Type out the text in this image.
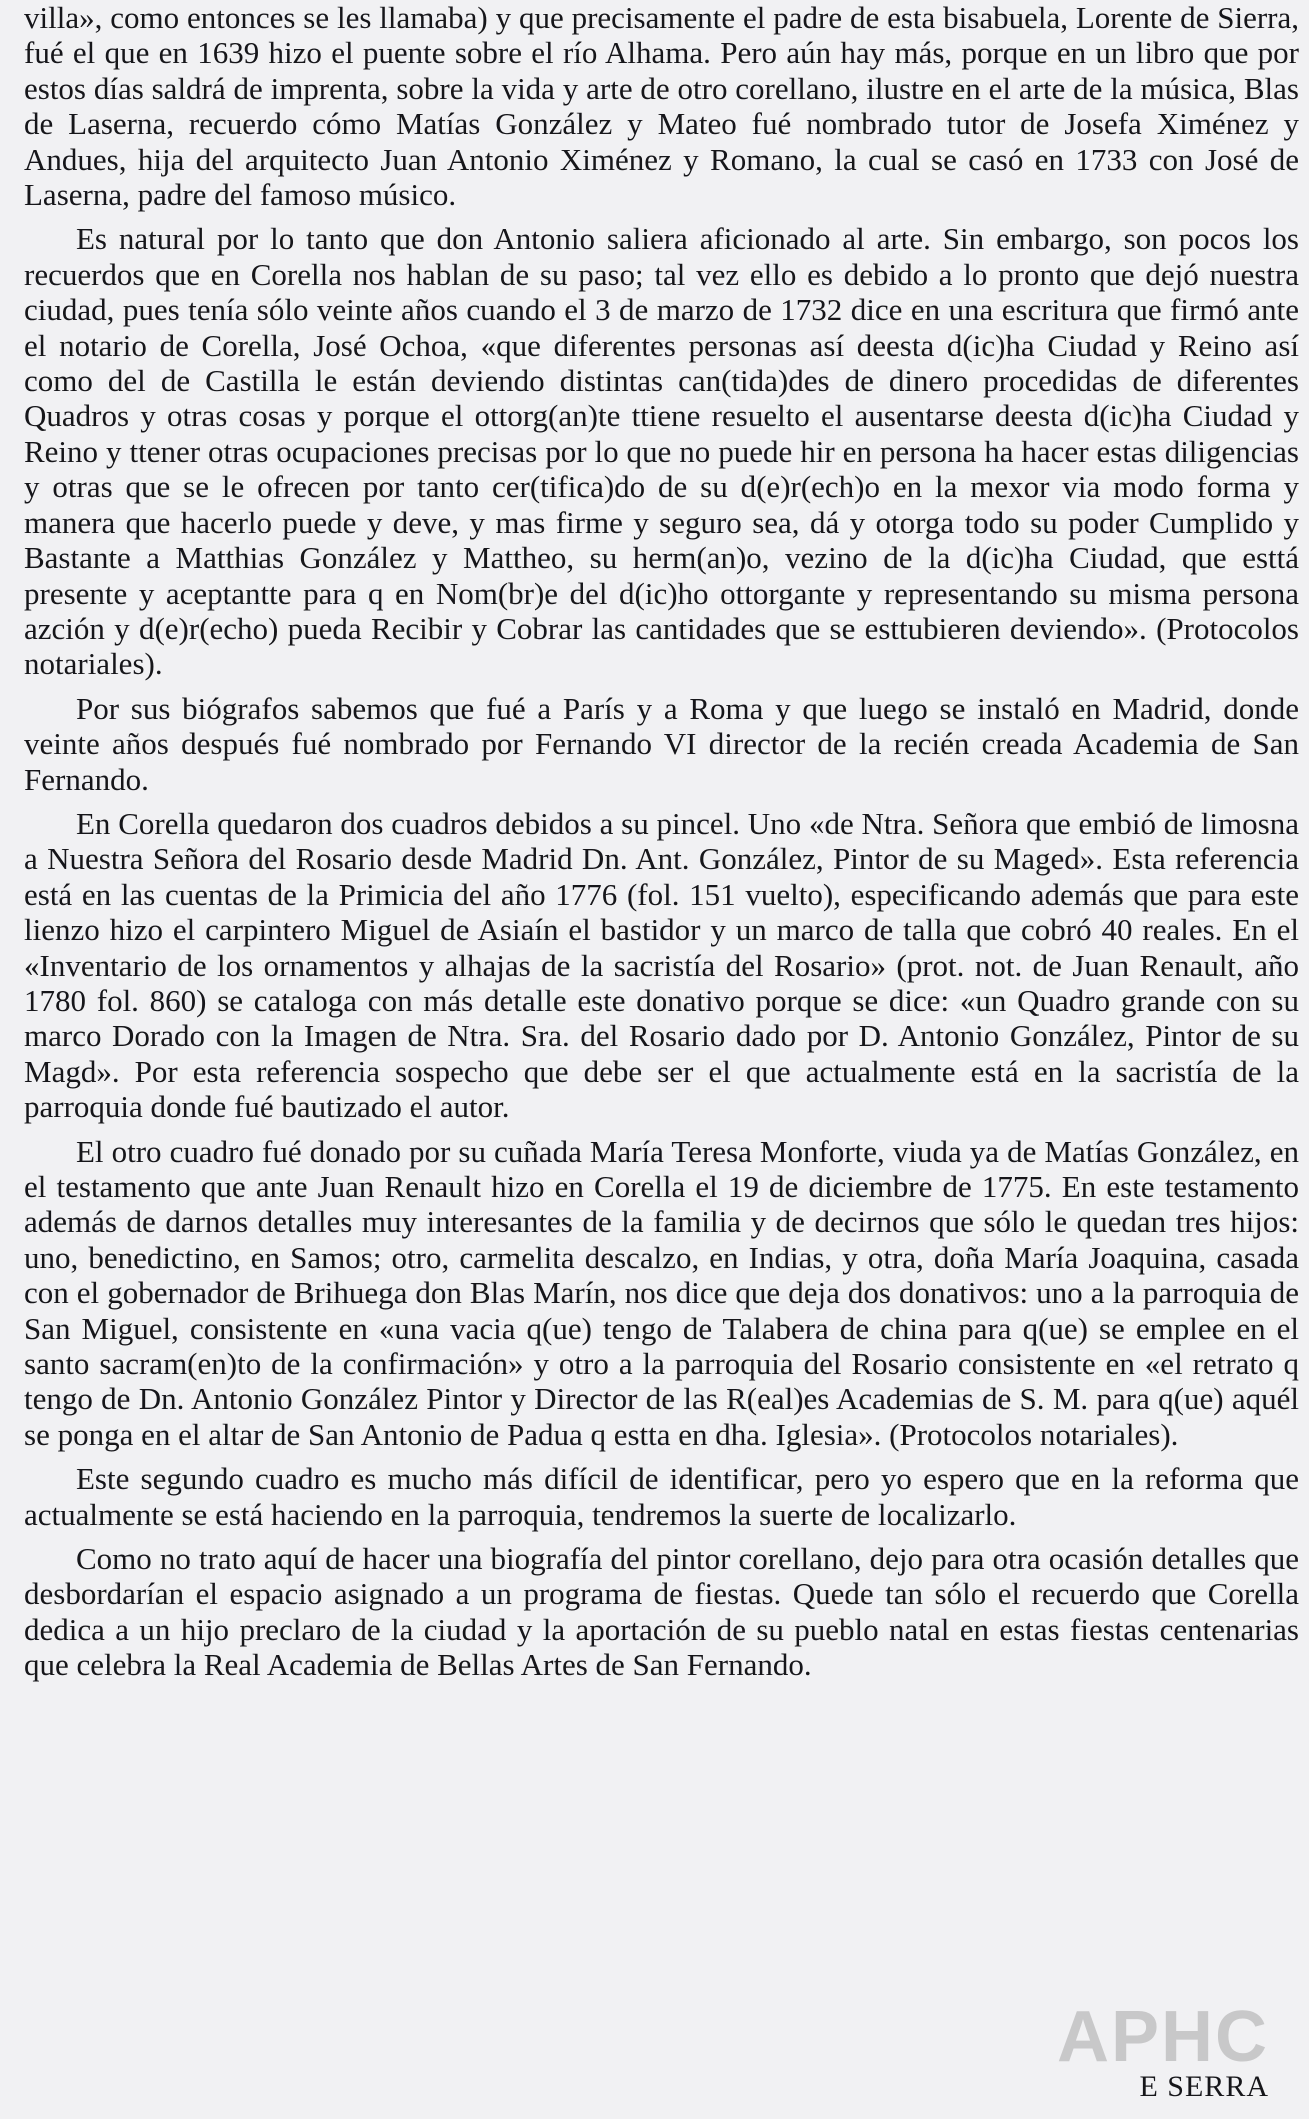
villa», como entonces se les llamaba) y que precisamente el padre de esta bisabuela, Lorente de Sierra, fué el que en 1639 hizo el puente sobre el río Alhama. Pero aún hay más, porque en un libro que por estos días saldrá de imprenta, sobre la vida y arte de otro corellano, ilustre en el arte de la música, Blas de Laserna, recuerdo cómo Matías González y Mateo fué nombrado tutor de Josefa Ximénez y Andues, hija del arquitecto Juan Antonio Ximénez y Romano, la cual se casó en 1733 con José de Laserna, padre del famoso músico.

Es natural por lo tanto que don Antonio saliera aficionado al arte. Sin embargo, son pocos los recuerdos que en Corella nos hablan de su paso; tal vez ello es debido a lo pronto que dejó nuestra ciudad, pues tenía sólo veinte años cuando el 3 de marzo de 1732 dice en una escritura que firmó ante el notario de Corella, José Ochoa, «que diferentes personas así deesta d(ic)ha Ciudad y Reino así como del de Castilla le están deviendo distintas can(tida)des de dinero procedidas de diferentes Quadros y otras cosas y porque el ottorg(an)te ttiene resuelto el ausentarse deesta d(ic)ha Ciudad y Reino y ttener otras ocupaciones precisas por lo que no puede hir en persona ha hacer estas diligencias y otras que se le ofrecen por tanto cer(tifica)do de su d(e)r(ech)o en la mexor via modo forma y manera que hacerlo puede y deve, y mas firme y seguro sea, dá y otorga todo su poder Cumplido y Bastante a Matthias González y Mattheo, su herm(an)o, vezino de la d(ic)ha Ciudad, que esttá presente y aceptantte para q en Nom(br)e del d(ic)ho ottorgante y representando su misma persona azción y d(e)r(echo) pueda Recibir y Cobrar las cantidades que se esttubieren deviendo». (Protocolos notariales).

Por sus biógrafos sabemos que fué a París y a Roma y que luego se instaló en Madrid, donde veinte años después fué nombrado por Fernando VI director de la recién creada Academia de San Fernando.

En Corella quedaron dos cuadros debidos a su pincel. Uno «de Ntra. Señora que embió de limosna a Nuestra Señora del Rosario desde Madrid Dn. Ant. González, Pintor de su Maged». Esta referencia está en las cuentas de la Primicia del año 1776 (fol. 151 vuelto), especificando además que para este lienzo hizo el carpintero Miguel de Asiaín el bastidor y un marco de talla que cobró 40 reales. En el «Inventario de los ornamentos y alhajas de la sacristía del Rosario» (prot. not. de Juan Renault, año 1780 fol. 860) se cataloga con más detalle este donativo porque se dice: «un Quadro grande con su marco Dorado con la Imagen de Ntra. Sra. del Rosario dado por D. Antonio González, Pintor de su Magd». Por esta referencia sospecho que debe ser el que actualmente está en la sacristía de la parroquia donde fué bautizado el autor.

El otro cuadro fué donado por su cuñada María Teresa Monforte, viuda ya de Matías González, en el testamento que ante Juan Renault hizo en Corella el 19 de diciembre de 1775. En este testamento además de darnos detalles muy interesantes de la familia y de decirnos que sólo le quedan tres hijos: uno, benedictino, en Samos; otro, carmelita descalzo, en Indias, y otra, doña María Joaquina, casada con el gobernador de Brihuega don Blas Marín, nos dice que deja dos donativos: uno a la parroquia de San Miguel, consistente en «una vacia q(ue) tengo de Talabera de china para q(ue) se emplee en el santo sacram(en)to de la confirmación» y otro a la parroquia del Rosario consistente en «el retrato q tengo de Dn. Antonio González Pintor y Director de las R(eal)es Academias de S. M. para q(ue) aquél se ponga en el altar de San Antonio de Padua q estta en dha. Iglesia». (Protocolos notariales).

Este segundo cuadro es mucho más difícil de identificar, pero yo espero que en la reforma que actualmente se está haciendo en la parroquia, tendremos la suerte de localizarlo.

Como no trato aquí de hacer una biografía del pintor corellano, dejo para otra ocasión detalles que desbordarían el espacio asignado a un programa de fiestas. Quede tan sólo el recuerdo que Corella dedica a un hijo preclaro de la ciudad y la aportación de su pueblo natal en estas fiestas centenarias que celebra la Real Academia de Bellas Artes de San Fernando.

APHC
E SERRA
